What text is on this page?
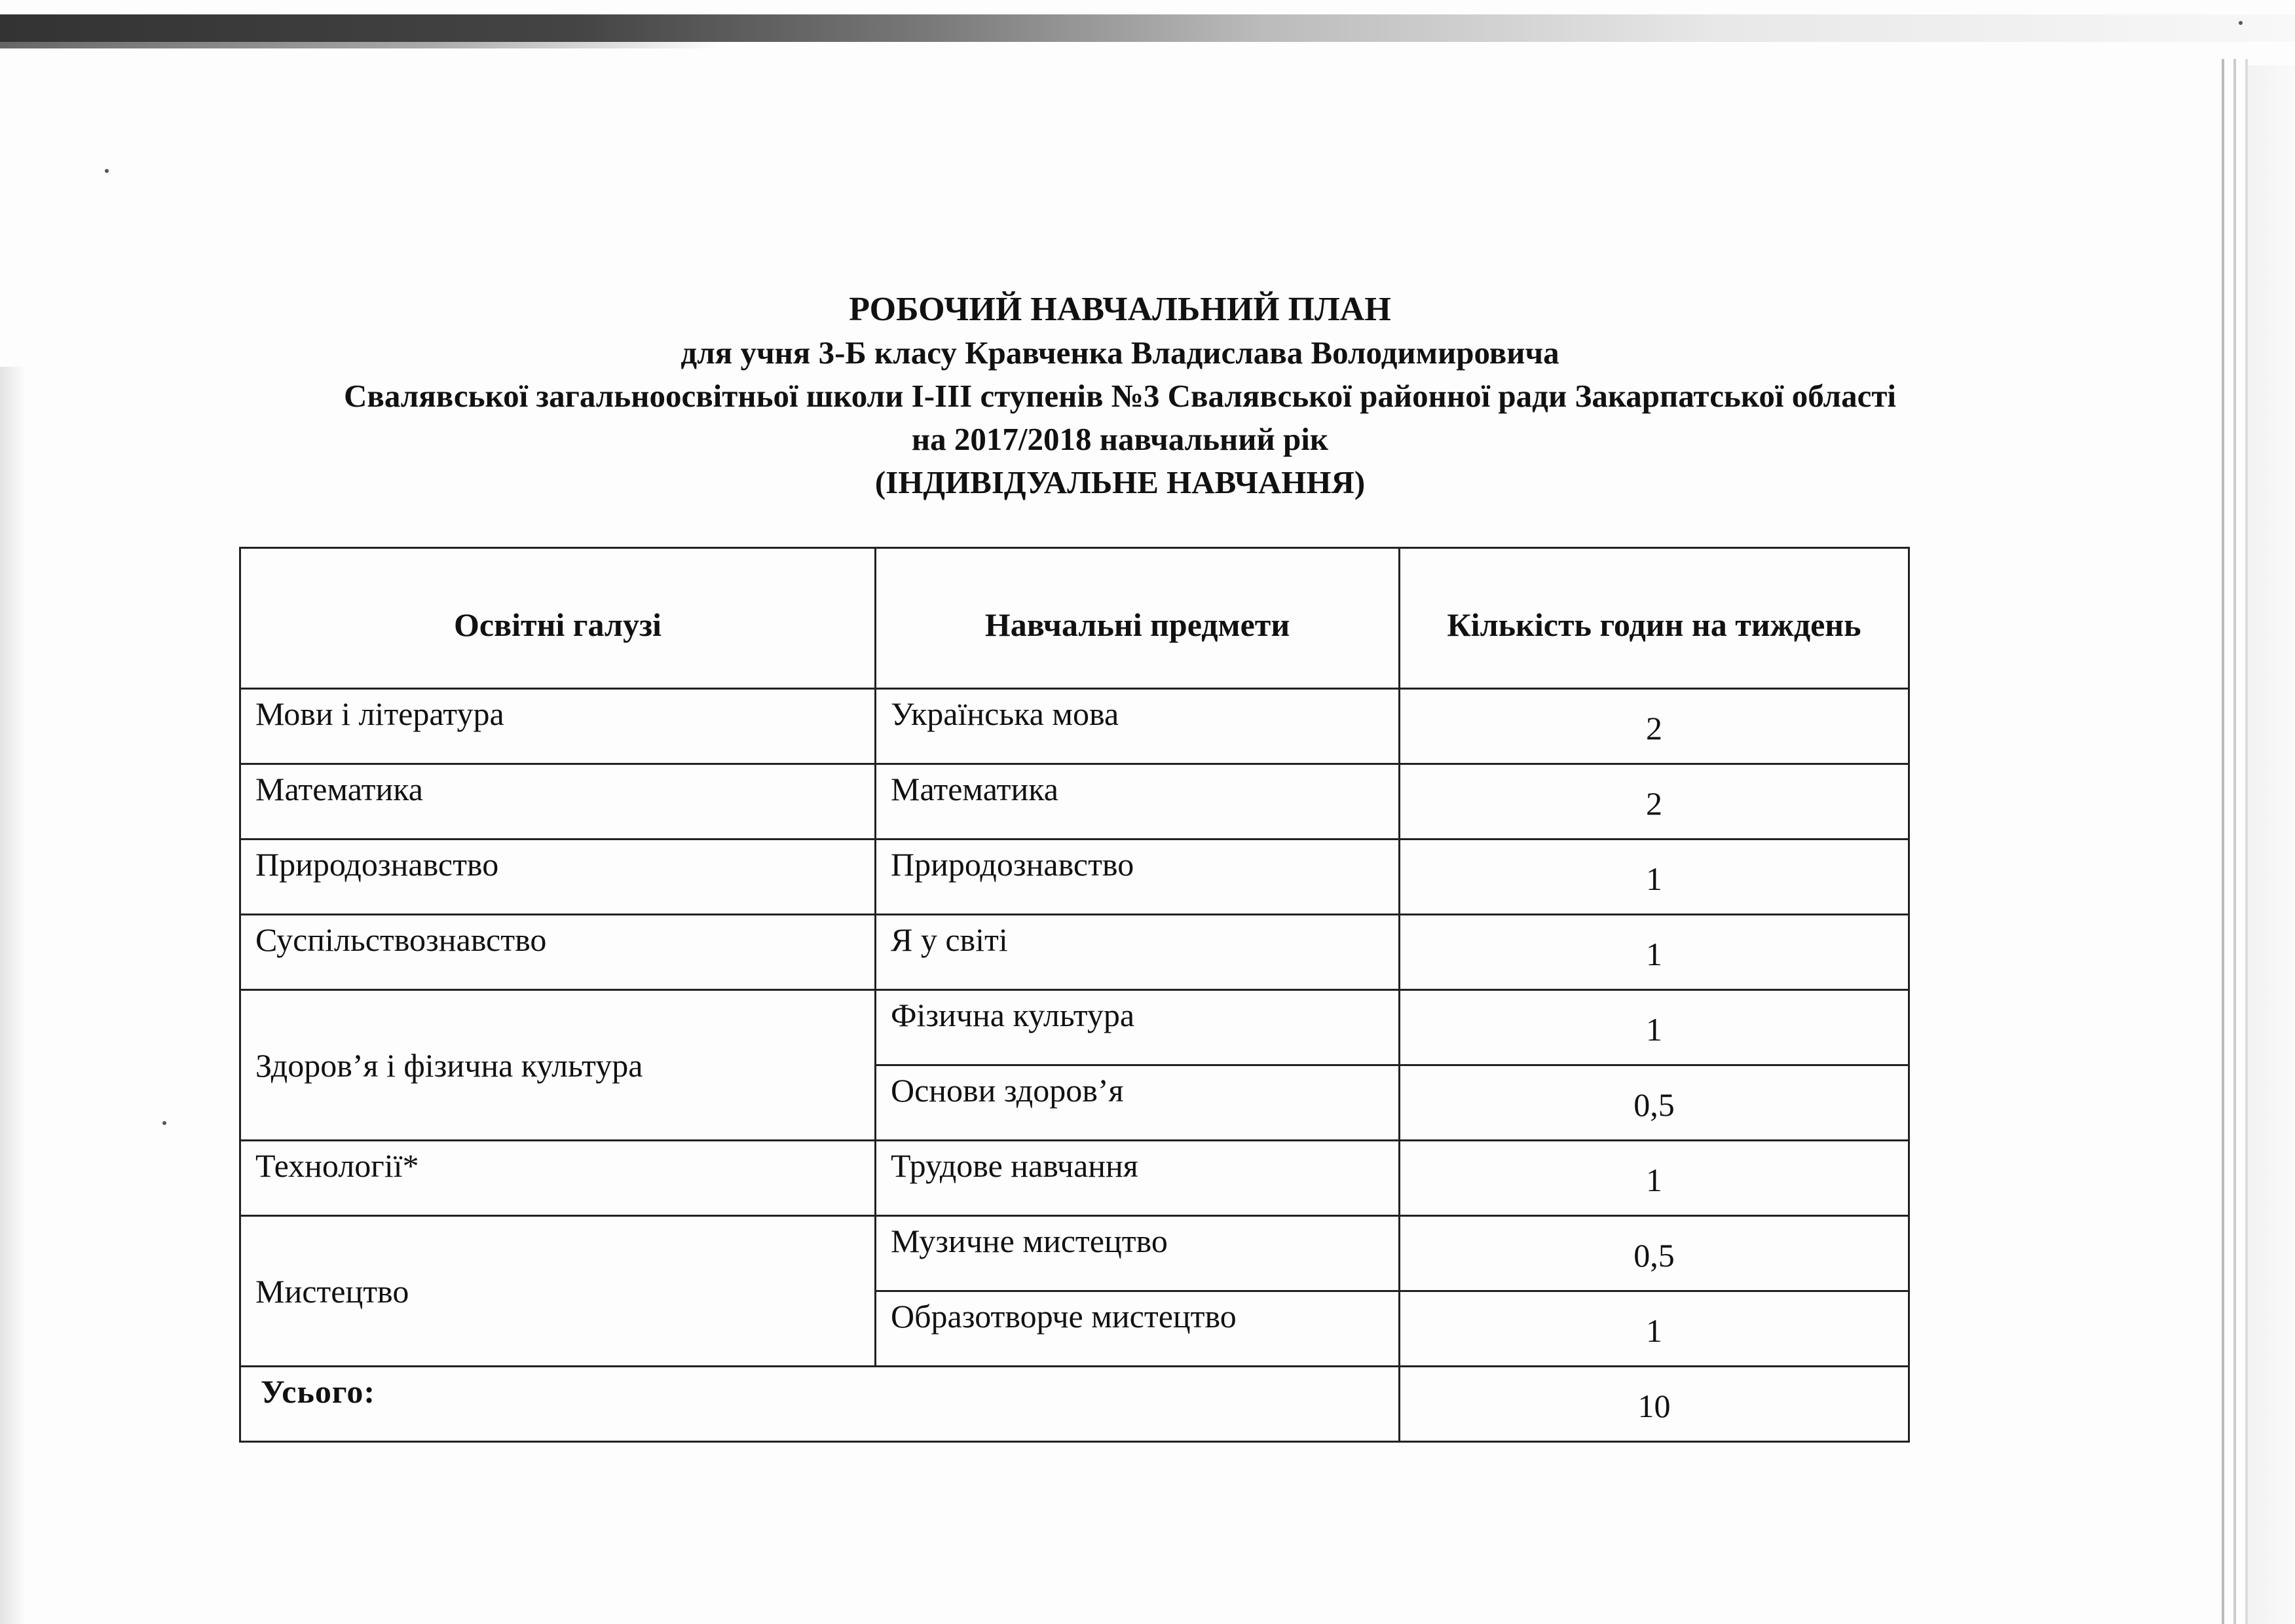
РОБОЧИЙ НАВЧАЛЬНИЙ ПЛАН
для учня 3-Б класу Кравченка Владислава Володимировича
Свалявської загальноосвітньої школи І-ІІІ ступенів №3 Свалявської районної ради Закарпатської області
на 2017/2018 навчальний рік
(ІНДИВІДУАЛЬНЕ НАВЧАННЯ)
Освітні галузі	Навчальні предмети	Кількість годин на тиждень
Мови і література	Українська мова	2
Математика	Математика	2
Природознавство	Природознавство	1
Суспільствознавство	Я у світі	1
Здоров’я і фізична культура	Фізична культура	1
	Основи здоров’я	0,5
Технології*	Трудове навчання	1
Мистецтво	Музичне мистецтво	0,5
	Образотворче мистецтво	1
Усього:		10
